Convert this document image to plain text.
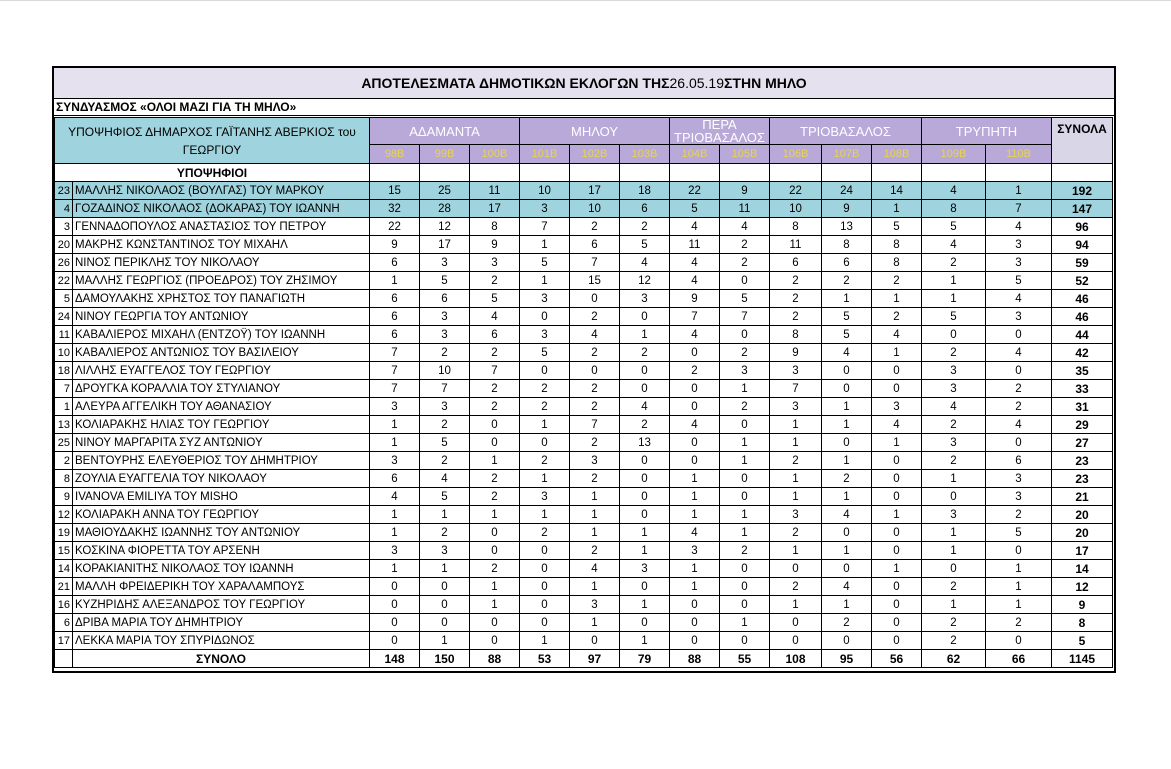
ΑΠΟΤΕΛΕΣΜΑΤΑ ΔΗΜΟΤΙΚΩΝ ΕΚΛΟΓΩΝ ΤΗΣ 26.05.19 ΣΤΗΝ ΜΗΛΟ
ΣΥΝΔΥΑΣΜΟΣ «ΟΛΟΙ ΜΑΖΙ ΓΙΑ ΤΗ ΜΗΛΟ»
ΥΠΟΨΗΦΙΟΣ ΔΗΜΑΡΧΟΣ ΓΑΪΤΑΝΗΣ ΑΒΕΡΚΙΟΣ του ΓΕΩΡΓΙΟΥ		ΑΔΑΜΑΝΤΑ			ΜΗΛΟΥ			ΠΕΡΑ ΤΡΙΟΒΑΣΑΛΟΣ		ΤΡΙΟΒΑΣΑΛΟΣ			ΤΡΥΠΗΤΗ		ΣΥΝΟΛΑ
		98Β	99Β	100Β	101Β	102Β	103Β	104Β	105Β	106Β	107Β	108Β	109Β	110Β	
ΥΠΟΨΗΦΙΟΙ															
23	ΜΑΛΛΗΣ ΝΙΚΟΛΑΟΣ (ΒΟΥΛΓΑΣ) ΤΟΥ ΜΑΡΚΟΥ	15	25	11	10	17	18	22	9	22	24	14	4	1	192
4	ΓΟΖΑΔΙΝΟΣ ΝΙΚΟΛΑΟΣ (ΔΟΚΑΡΑΣ) ΤΟΥ ΙΩΑΝΝΗ	32	28	17	3	10	6	5	11	10	9	1	8	7	147
3	ΓΕΝΝΑΔΟΠΟΥΛΟΣ ΑΝΑΣΤΑΣΙΟΣ ΤΟΥ ΠΕΤΡΟΥ	22	12	8	7	2	2	4	4	8	13	5	5	4	96
20	ΜΑΚΡΗΣ ΚΩΝΣΤΑΝΤΙΝΟΣ ΤΟΥ ΜΙΧΑΗΛ	9	17	9	1	6	5	11	2	11	8	8	4	3	94
26	ΝΙΝΟΣ ΠΕΡΙΚΛΗΣ ΤΟΥ ΝΙΚΟΛΑΟΥ	6	3	3	5	7	4	4	2	6	6	8	2	3	59
22	ΜΑΛΛΗΣ ΓΕΩΡΓΙΟΣ (ΠΡΟΕΔΡΟΣ) ΤΟΥ ΖΗΣΙΜΟΥ	1	5	2	1	15	12	4	0	2	2	2	1	5	52
5	ΔΑΜΟΥΛΑΚΗΣ ΧΡΗΣΤΟΣ ΤΟΥ ΠΑΝΑΓΙΩΤΗ	6	6	5	3	0	3	9	5	2	1	1	1	4	46
24	ΝΙΝΟΥ ΓΕΩΡΓΙΑ ΤΟΥ ΑΝΤΩΝΙΟΥ	6	3	4	0	2	0	7	7	2	5	2	5	3	46
11	ΚΑΒΑΛΙΕΡΟΣ ΜΙΧΑΗΛ (ΕΝΤΖΟΫ) ΤΟΥ ΙΩΑΝΝΗ	6	3	6	3	4	1	4	0	8	5	4	0	0	44
10	ΚΑΒΑΛΙΕΡΟΣ ΑΝΤΩΝΙΟΣ ΤΟΥ ΒΑΣΙΛΕΙΟΥ	7	2	2	5	2	2	0	2	9	4	1	2	4	42
18	ΛΙΛΛΗΣ ΕΥΑΓΓΕΛΟΣ ΤΟΥ ΓΕΩΡΓΙΟΥ	7	10	7	0	0	0	2	3	3	0	0	3	0	35
7	ΔΡΟΥΓΚΑ ΚΟΡΑΛΛΙΑ ΤΟΥ ΣΤΥΛΙΑΝΟΥ	7	7	2	2	2	0	0	1	7	0	0	3	2	33
1	ΑΛΕΥΡΑ ΑΓΓΕΛΙΚΗ ΤΟΥ ΑΘΑΝΑΣΙΟΥ	3	3	2	2	2	4	0	2	3	1	3	4	2	31
13	ΚΟΛΙΑΡΑΚΗΣ ΗΛΙΑΣ ΤΟΥ ΓΕΩΡΓΙΟΥ	1	2	0	1	7	2	4	0	1	1	4	2	4	29
25	ΝΙΝΟΥ ΜΑΡΓΑΡΙΤΑ ΣΥΖ ΑΝΤΩΝΙΟΥ	1	5	0	0	2	13	0	1	1	0	1	3	0	27
2	ΒΕΝΤΟΥΡΗΣ ΕΛΕΥΘΕΡΙΟΣ ΤΟΥ ΔΗΜΗΤΡΙΟΥ	3	2	1	2	3	0	0	1	2	1	0	2	6	23
8	ΖΟΥΛΙΑ ΕΥΑΓΓΕΛΙΑ ΤΟΥ ΝΙΚΟΛΑΟΥ	6	4	2	1	2	0	1	0	1	2	0	1	3	23
9	IVANOVA EMILIYA ΤΟΥ MISHO	4	5	2	3	1	0	1	0	1	1	0	0	3	21
12	ΚΟΛΙΑΡΑΚΗ ΑΝΝΑ ΤΟΥ ΓΕΩΡΓΙΟΥ	1	1	1	1	1	0	1	1	3	4	1	3	2	20
19	ΜΑΘΙΟΥΔΑΚΗΣ ΙΩΑΝΝΗΣ ΤΟΥ ΑΝΤΩΝΙΟΥ	1	2	0	2	1	1	4	1	2	0	0	1	5	20
15	ΚΟΣΚΙΝΑ ΦΙΟΡΕΤΤΑ ΤΟΥ ΑΡΣΕΝΗ	3	3	0	0	2	1	3	2	1	1	0	1	0	17
14	ΚΟΡΑΚΙΑΝΙΤΗΣ ΝΙΚΟΛΑΟΣ ΤΟΥ ΙΩΑΝΝΗ	1	1	2	0	4	3	1	0	0	0	1	0	1	14
21	ΜΑΛΛΗ ΦΡΕΙΔΕΡΙΚΗ ΤΟΥ ΧΑΡΑΛΑΜΠΟΥΣ	0	0	1	0	1	0	1	0	2	4	0	2	1	12
16	ΚΥΖΗΡΙΔΗΣ ΑΛΕΞΑΝΔΡΟΣ ΤΟΥ ΓΕΩΡΓΙΟΥ	0	0	1	0	3	1	0	0	1	1	0	1	1	9
6	ΔΡΙΒΑ ΜΑΡΙΑ ΤΟΥ ΔΗΜΗΤΡΙΟΥ	0	0	0	0	1	0	0	1	0	2	0	2	2	8
17	ΛΕΚΚΑ ΜΑΡΙΑ ΤΟΥ ΣΠΥΡΙΔΩΝΟΣ	0	1	0	1	0	1	0	0	0	0	0	2	0	5
	ΣΥΝΟΛΟ	148	150	88	53	97	79	88	55	108	95	56	62	66	1145
